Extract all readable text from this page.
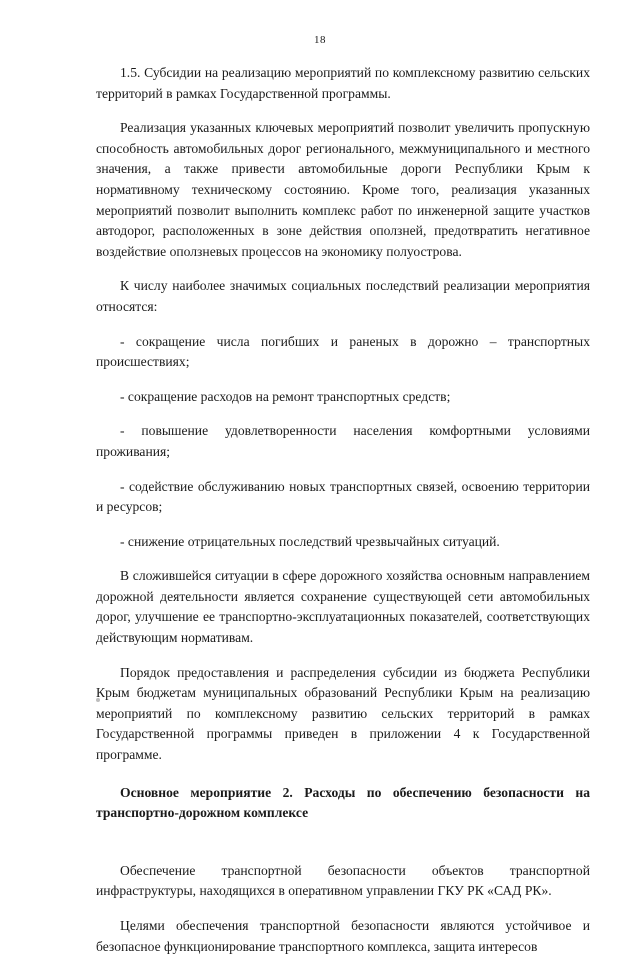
18

1.5. Субсидии на реализацию мероприятий по комплексному развитию сельских территорий в рамках Государственной программы.

Реализация указанных ключевых мероприятий позволит увеличить пропускную способность автомобильных дорог регионального, межмуниципального и местного значения, а также привести автомобильные дороги Республики Крым к нормативному техническому состоянию. Кроме того, реализация указанных мероприятий позволит выполнить комплекс работ по инженерной защите участков автодорог, расположенных в зоне действия оползней, предотвратить негативное воздействие оползневых процессов на экономику полуострова.

К числу наиболее значимых социальных последствий реализации мероприятия относятся:

- сокращение числа погибших и раненых в дорожно – транспортных происшествиях;

- сокращение расходов на ремонт транспортных средств;

- повышение удовлетворенности населения комфортными условиями проживания;

- содействие обслуживанию новых транспортных связей, освоению территории и ресурсов;

- снижение отрицательных последствий чрезвычайных ситуаций.

В сложившейся ситуации в сфере дорожного хозяйства основным направлением дорожной деятельности является сохранение существующей сети автомобильных дорог, улучшение ее транспортно-эксплуатационных показателей, соответствующих действующим нормативам.

Порядок предоставления и распределения субсидии из бюджета Республики Крым бюджетам муниципальных образований Республики Крым на реализацию мероприятий по комплексному развитию сельских территорий в рамках Государственной программы приведен в приложении 4 к Государственной программе.

Основное мероприятие 2. Расходы по обеспечению безопасности на транспортно-дорожном комплексе

Обеспечение транспортной безопасности объектов транспортной инфраструктуры, находящихся в оперативном управлении ГКУ РК «САД РК».

Целями обеспечения транспортной безопасности являются устойчивое и безопасное функционирование транспортного комплекса, защита интересов
